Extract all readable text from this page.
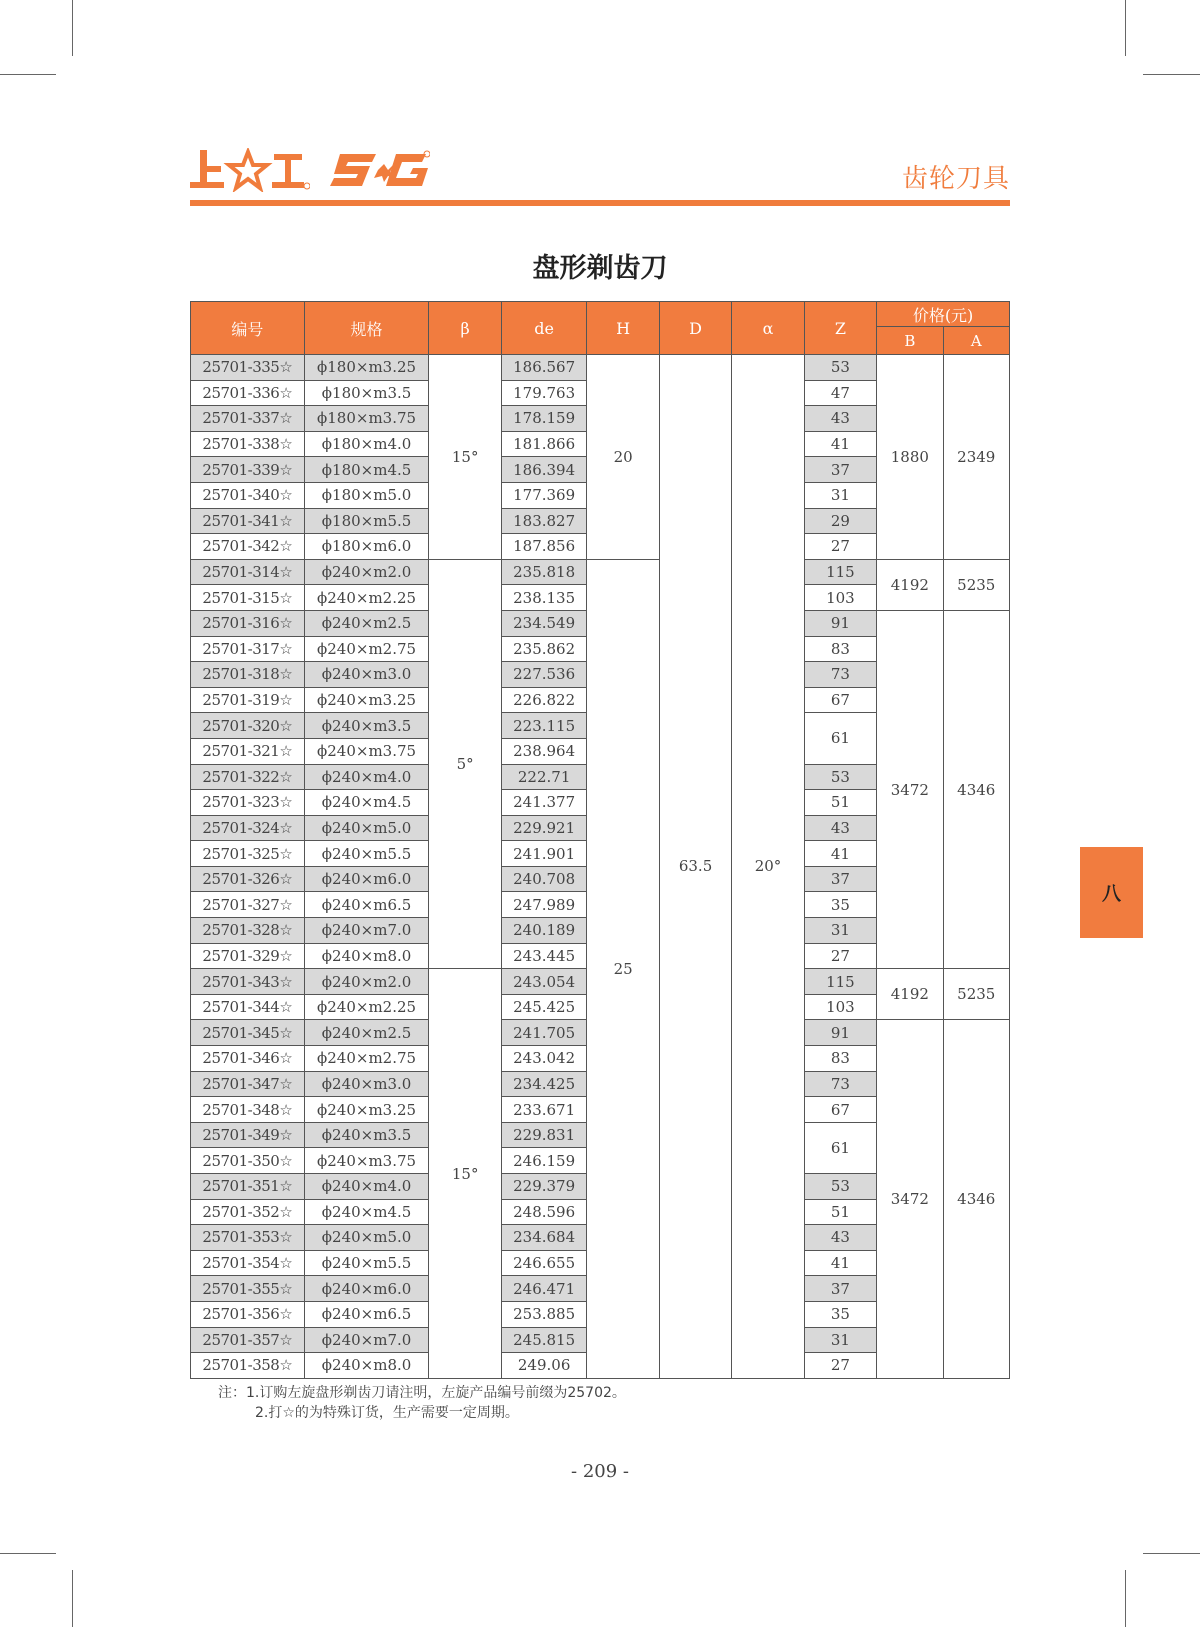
齿轮刀具
盘形剃齿刀
编号	规格	β	de	H	D	α	Z	价格(元)	
								B	A
25701-335☆	ϕ180×m3.25	15°	186.567	20	63.5	20°	53	1880	2349
25701-336☆	ϕ180×m3.5		179.763				47		
25701-337☆	ϕ180×m3.75		178.159				43		
25701-338☆	ϕ180×m4.0		181.866				41		
25701-339☆	ϕ180×m4.5		186.394				37		
25701-340☆	ϕ180×m5.0		177.369				31		
25701-341☆	ϕ180×m5.5		183.827				29		
25701-342☆	ϕ180×m6.0		187.856				27		
25701-314☆	ϕ240×m2.0	5°	235.818	25			115	4192	5235
25701-315☆	ϕ240×m2.25		238.135				103		
25701-316☆	ϕ240×m2.5		234.549				91	3472	4346
25701-317☆	ϕ240×m2.75		235.862				83		
25701-318☆	ϕ240×m3.0		227.536				73		
25701-319☆	ϕ240×m3.25		226.822				67		
25701-320☆	ϕ240×m3.5		223.115				61		
25701-321☆	ϕ240×m3.75		238.964						
25701-322☆	ϕ240×m4.0		222.71				53		
25701-323☆	ϕ240×m4.5		241.377				51		
25701-324☆	ϕ240×m5.0		229.921				43		
25701-325☆	ϕ240×m5.5		241.901				41		
25701-326☆	ϕ240×m6.0		240.708				37		
25701-327☆	ϕ240×m6.5		247.989				35		
25701-328☆	ϕ240×m7.0		240.189				31		
25701-329☆	ϕ240×m8.0		243.445				27		
25701-343☆	ϕ240×m2.0	15°	243.054				115	4192	5235
25701-344☆	ϕ240×m2.25		245.425				103		
25701-345☆	ϕ240×m2.5		241.705				91	3472	4346
25701-346☆	ϕ240×m2.75		243.042				83		
25701-347☆	ϕ240×m3.0		234.425				73		
25701-348☆	ϕ240×m3.25		233.671				67		
25701-349☆	ϕ240×m3.5		229.831				61		
25701-350☆	ϕ240×m3.75		246.159						
25701-351☆	ϕ240×m4.0		229.379				53		
25701-352☆	ϕ240×m4.5		248.596				51		
25701-353☆	ϕ240×m5.0		234.684				43		
25701-354☆	ϕ240×m5.5		246.655				41		
25701-355☆	ϕ240×m6.0		246.471				37		
25701-356☆	ϕ240×m6.5		253.885				35		
25701-357☆	ϕ240×m7.0		245.815				31		
25701-358☆	ϕ240×m8.0		249.06				27		
注：1.订购左旋盘形剃齿刀请注明，左旋产品编号前缀为25702。
2.打☆的为特殊订货，生产需要一定周期。
- 209 -
八
